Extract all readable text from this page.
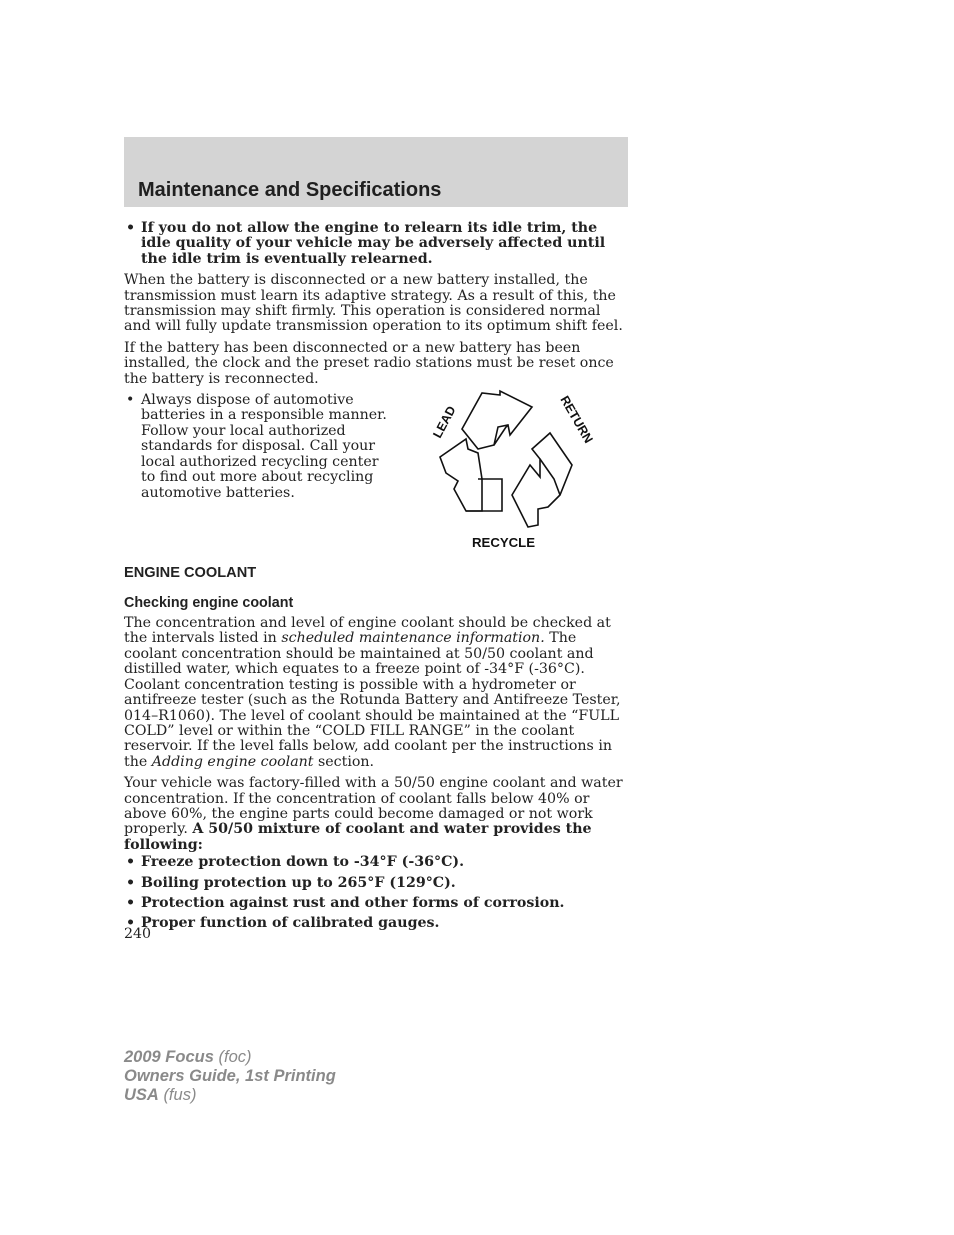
Maintenance and Specifications

• If you do not allow the engine to relearn its idle trim, the idle quality of your vehicle may be adversely affected until the idle trim is eventually relearned.

When the battery is disconnected or a new battery installed, the transmission must learn its adaptive strategy. As a result of this, the transmission may shift firmly. This operation is considered normal and will fully update transmission operation to its optimum shift feel.

If the battery has been disconnected or a new battery has been installed, the clock and the preset radio stations must be reset once the battery is reconnected.

• Always dispose of automotive batteries in a responsible manner. Follow your local authorized standards for disposal. Call your local authorized recycling center to find out more about recycling automotive batteries.

LEAD	RETURN
RECYCLE

ENGINE COOLANT

Checking engine coolant

The concentration and level of engine coolant should be checked at the intervals listed in scheduled maintenance information. The coolant concentration should be maintained at 50/50 coolant and distilled water, which equates to a freeze point of -34°F (-36°C). Coolant concentration testing is possible with a hydrometer or antifreeze tester (such as the Rotunda Battery and Antifreeze Tester, 014–R1060). The level of coolant should be maintained at the “FULL COLD” level or within the “COLD FILL RANGE” in the coolant reservoir. If the level falls below, add coolant per the instructions in the Adding engine coolant section.

Your vehicle was factory-filled with a 50/50 engine coolant and water concentration. If the concentration of coolant falls below 40% or above 60%, the engine parts could become damaged or not work properly. A 50/50 mixture of coolant and water provides the following:

• Freeze protection down to -34°F (-36°C).

• Boiling protection up to 265°F (129°C).

• Protection against rust and other forms of corrosion.

• Proper function of calibrated gauges.

240
2009 Focus (foc)
Owners Guide, 1st Printing
USA (fus)
